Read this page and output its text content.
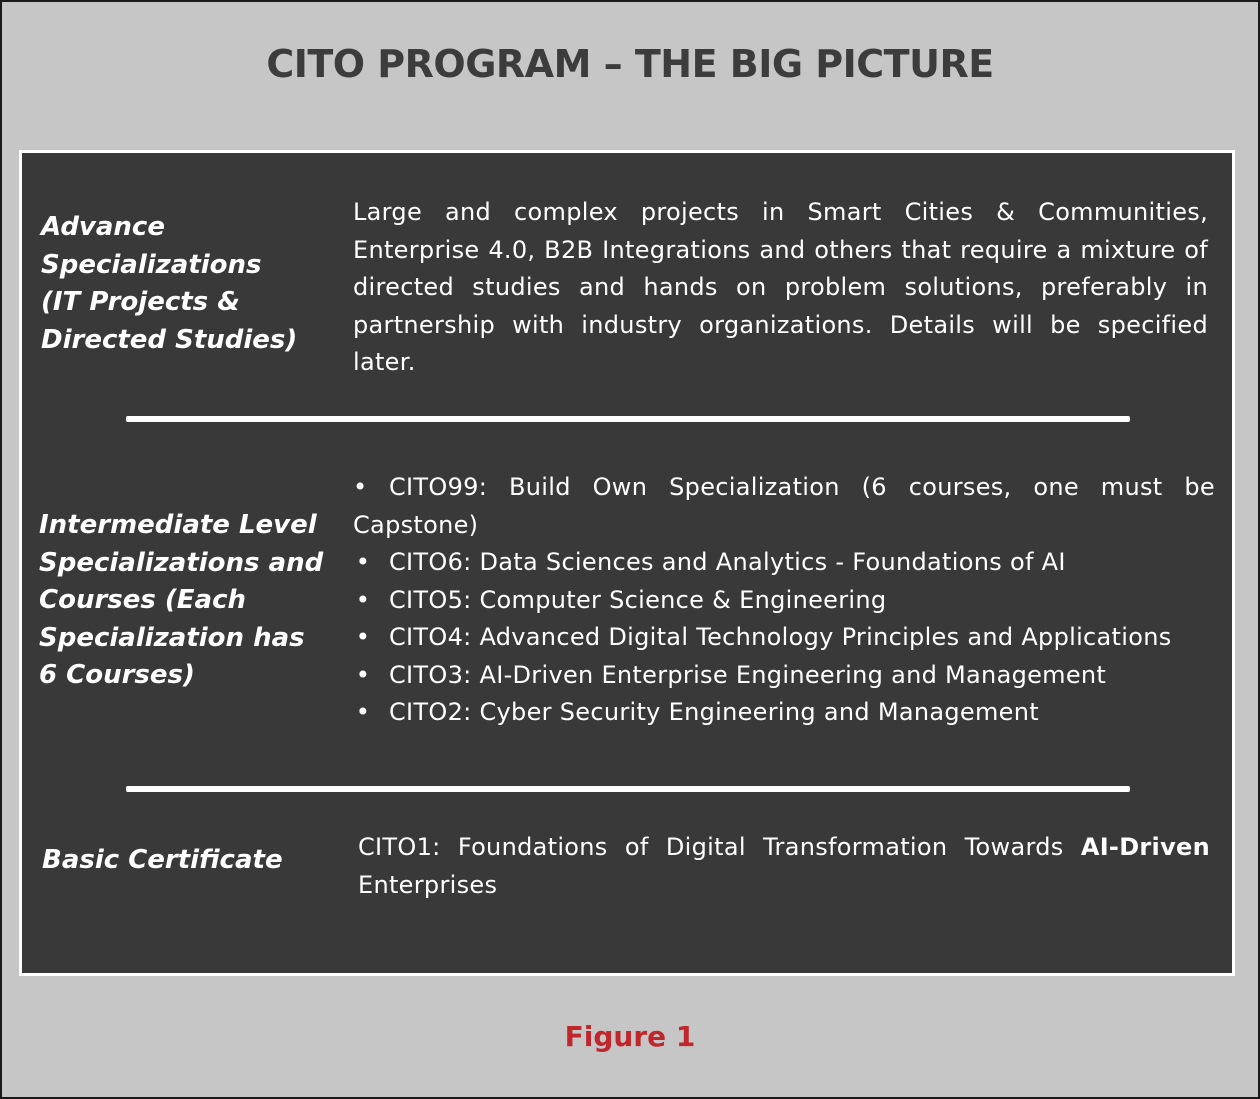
CITO PROGRAM – THE BIG PICTURE
Advance
Specializations
(IT Projects &
Directed Studies)
Large and complex projects in Smart Cities & Communities, Enterprise 4.0, B2B Integrations and others that require a mixture of directed studies and hands on problem solutions, preferably in partnership with industry organizations. Details will be specified later.
Intermediate Level
Specializations and
Courses (Each
Specialization has
6 Courses)
• CITO99: Build Own Specialization (6 courses, one must be Capstone)
• CITO6: Data Sciences and Analytics - Foundations of AI
• CITO5: Computer Science & Engineering
• CITO4: Advanced Digital Technology Principles and Applications
• CITO3: AI-Driven Enterprise Engineering and Management
• CITO2: Cyber Security Engineering and Management
Basic Certificate	CITO1: Foundations of Digital Transformation Towards AI-Driven Enterprises
Figure 1
